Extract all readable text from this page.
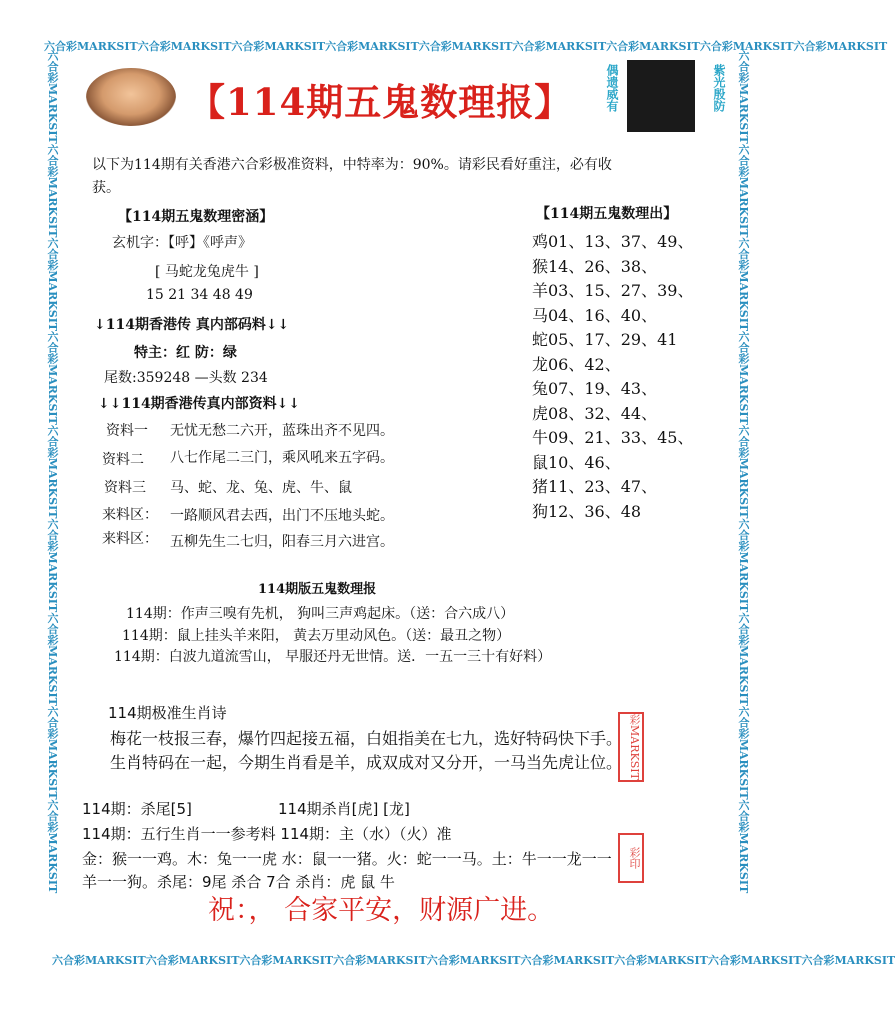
六合彩MARKSIT六合彩MARKSIT六合彩MARKSIT六合彩MARKSIT六合彩MARKSIT六合彩MARKSIT六合彩MARKSIT六合彩MARKSIT六合彩MARKSIT
六合彩MARKSIT六合彩MARKSIT六合彩MARKSIT六合彩MARKSIT六合彩MARKSIT六合彩MARKSIT六合彩MARKSIT六合彩MARKSIT六合彩MARKSIT
六合彩MARKSIT六合彩MARKSIT六合彩MARKSIT六合彩MARKSIT六合彩MARKSIT六合彩MARKSIT六合彩MARKSIT六合彩MARKSIT六合彩MARKSIT	六合彩MARKSIT六合彩MARKSIT六合彩MARKSIT六合彩MARKSIT六合彩MARKSIT六合彩MARKSIT六合彩MARKSIT六合彩MARKSIT六合彩MARKSIT
【114期五鬼数理报】	偶遗威有	紫光殷防
以下为114期有关香港六合彩极准资料，中特率为：90%。请彩民看好重注，必有收
获。
【114期五鬼数理密涵】
玄机字：【呼】《呼声》
[ 马蛇龙兔虎牛 ]
15 21 34 48 49
↓114期香港传 真内部码料↓↓
特主：红 防：绿
尾数:359248 —头数 234
↓↓114期香港传真内部资料↓↓
资料一 无忧无愁二六开，蓝珠出齐不见四。
资料二 八七作尾二三门，乘风吼来五字码。
资料三 马、蛇、龙、兔、虎、牛、鼠
来料区： 一路顺风君去西，出门不压地头蛇。
来料区： 五柳先生二七归，阳春三月六进宫。
【114期五鬼数理出】
鸡01、13、37、49、
猴14、26、38、
羊03、15、27、39、
马04、16、40、
蛇05、17、29、41
龙06、42、
兔07、19、43、
虎08、32、44、
牛09、21、33、45、
鼠10、46、
猪11、23、47、
狗12、36、48
114期版五鬼数理报
114期：作声三嗅有先机， 狗叫三声鸡起床。（送：合六成八）
114期：鼠上挂头羊来阳， 黄去万里动风色。（送：最丑之物）
114期：白波九道流雪山， 早服还丹无世情。送．一五一三十有好料）
114期极准生肖诗
梅花一枝报三春，爆竹四起接五福，白姐指美在七九，选好特码快下手。
生肖特码在一起，今期生肖看是羊，成双成对又分开，一马当先虎让位。
114期：杀尾[5]	114期杀肖[虎] [龙]
114期：五行生肖一一参考料 114期：主（水）（火）准
金：猴一一鸡。木：兔一一虎 水：鼠一一猪。火：蛇一一马。土：牛一一龙一一
羊一一狗。杀尾：9尾 杀合 7合 杀肖：虎 鼠 牛
彩MARKSIT
彩印
祝：， 合家平安，财源广进。
